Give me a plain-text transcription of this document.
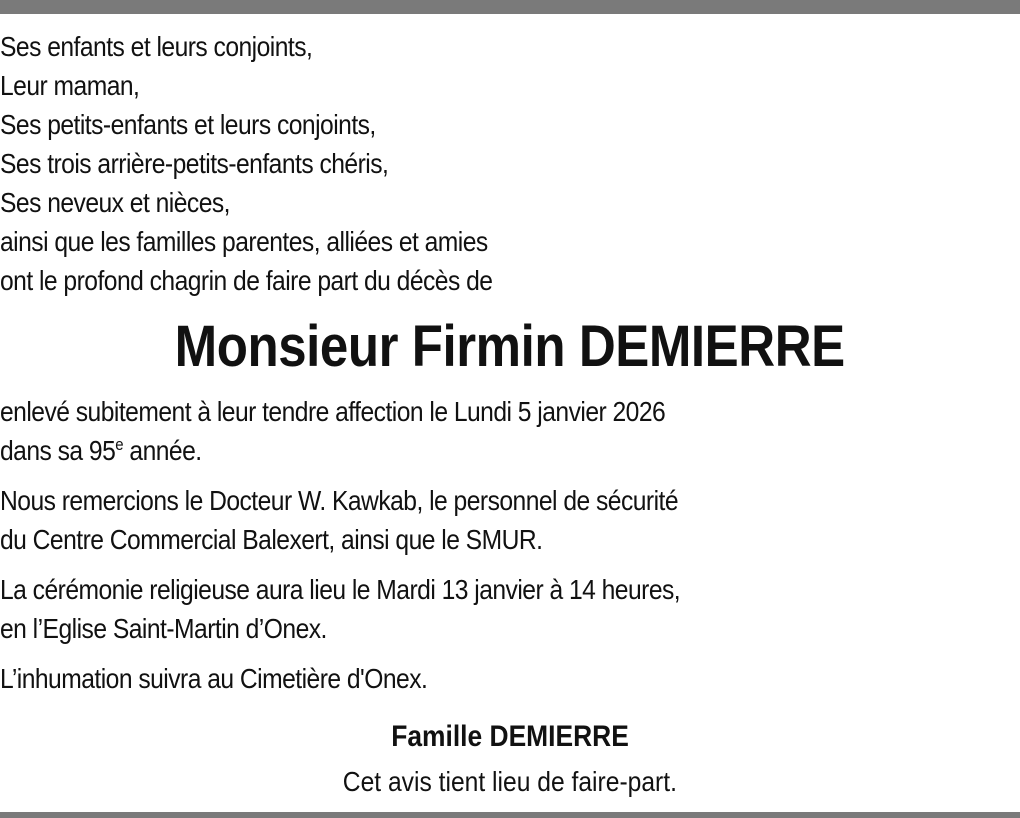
Ses enfants et leurs conjoints,
Leur maman,
Ses petits-enfants et leurs conjoints,
Ses trois arrière-petits-enfants chéris,
Ses neveux et nièces,
ainsi que les familles parentes, alliées et amies
ont le profond chagrin de faire part du décès de
Monsieur Firmin DEMIERRE
enlevé subitement à leur tendre affection le Lundi 5 janvier 2026
dans sa 95e année.
Nous remercions le Docteur W. Kawkab, le personnel de sécurité
du Centre Commercial Balexert, ainsi que le SMUR.
La cérémonie religieuse aura lieu le Mardi 13 janvier à 14 heures,
en l’Eglise Saint-Martin d’Onex.
L’inhumation suivra au Cimetière d'Onex.
Famille DEMIERRE
Cet avis tient lieu de faire-part.
